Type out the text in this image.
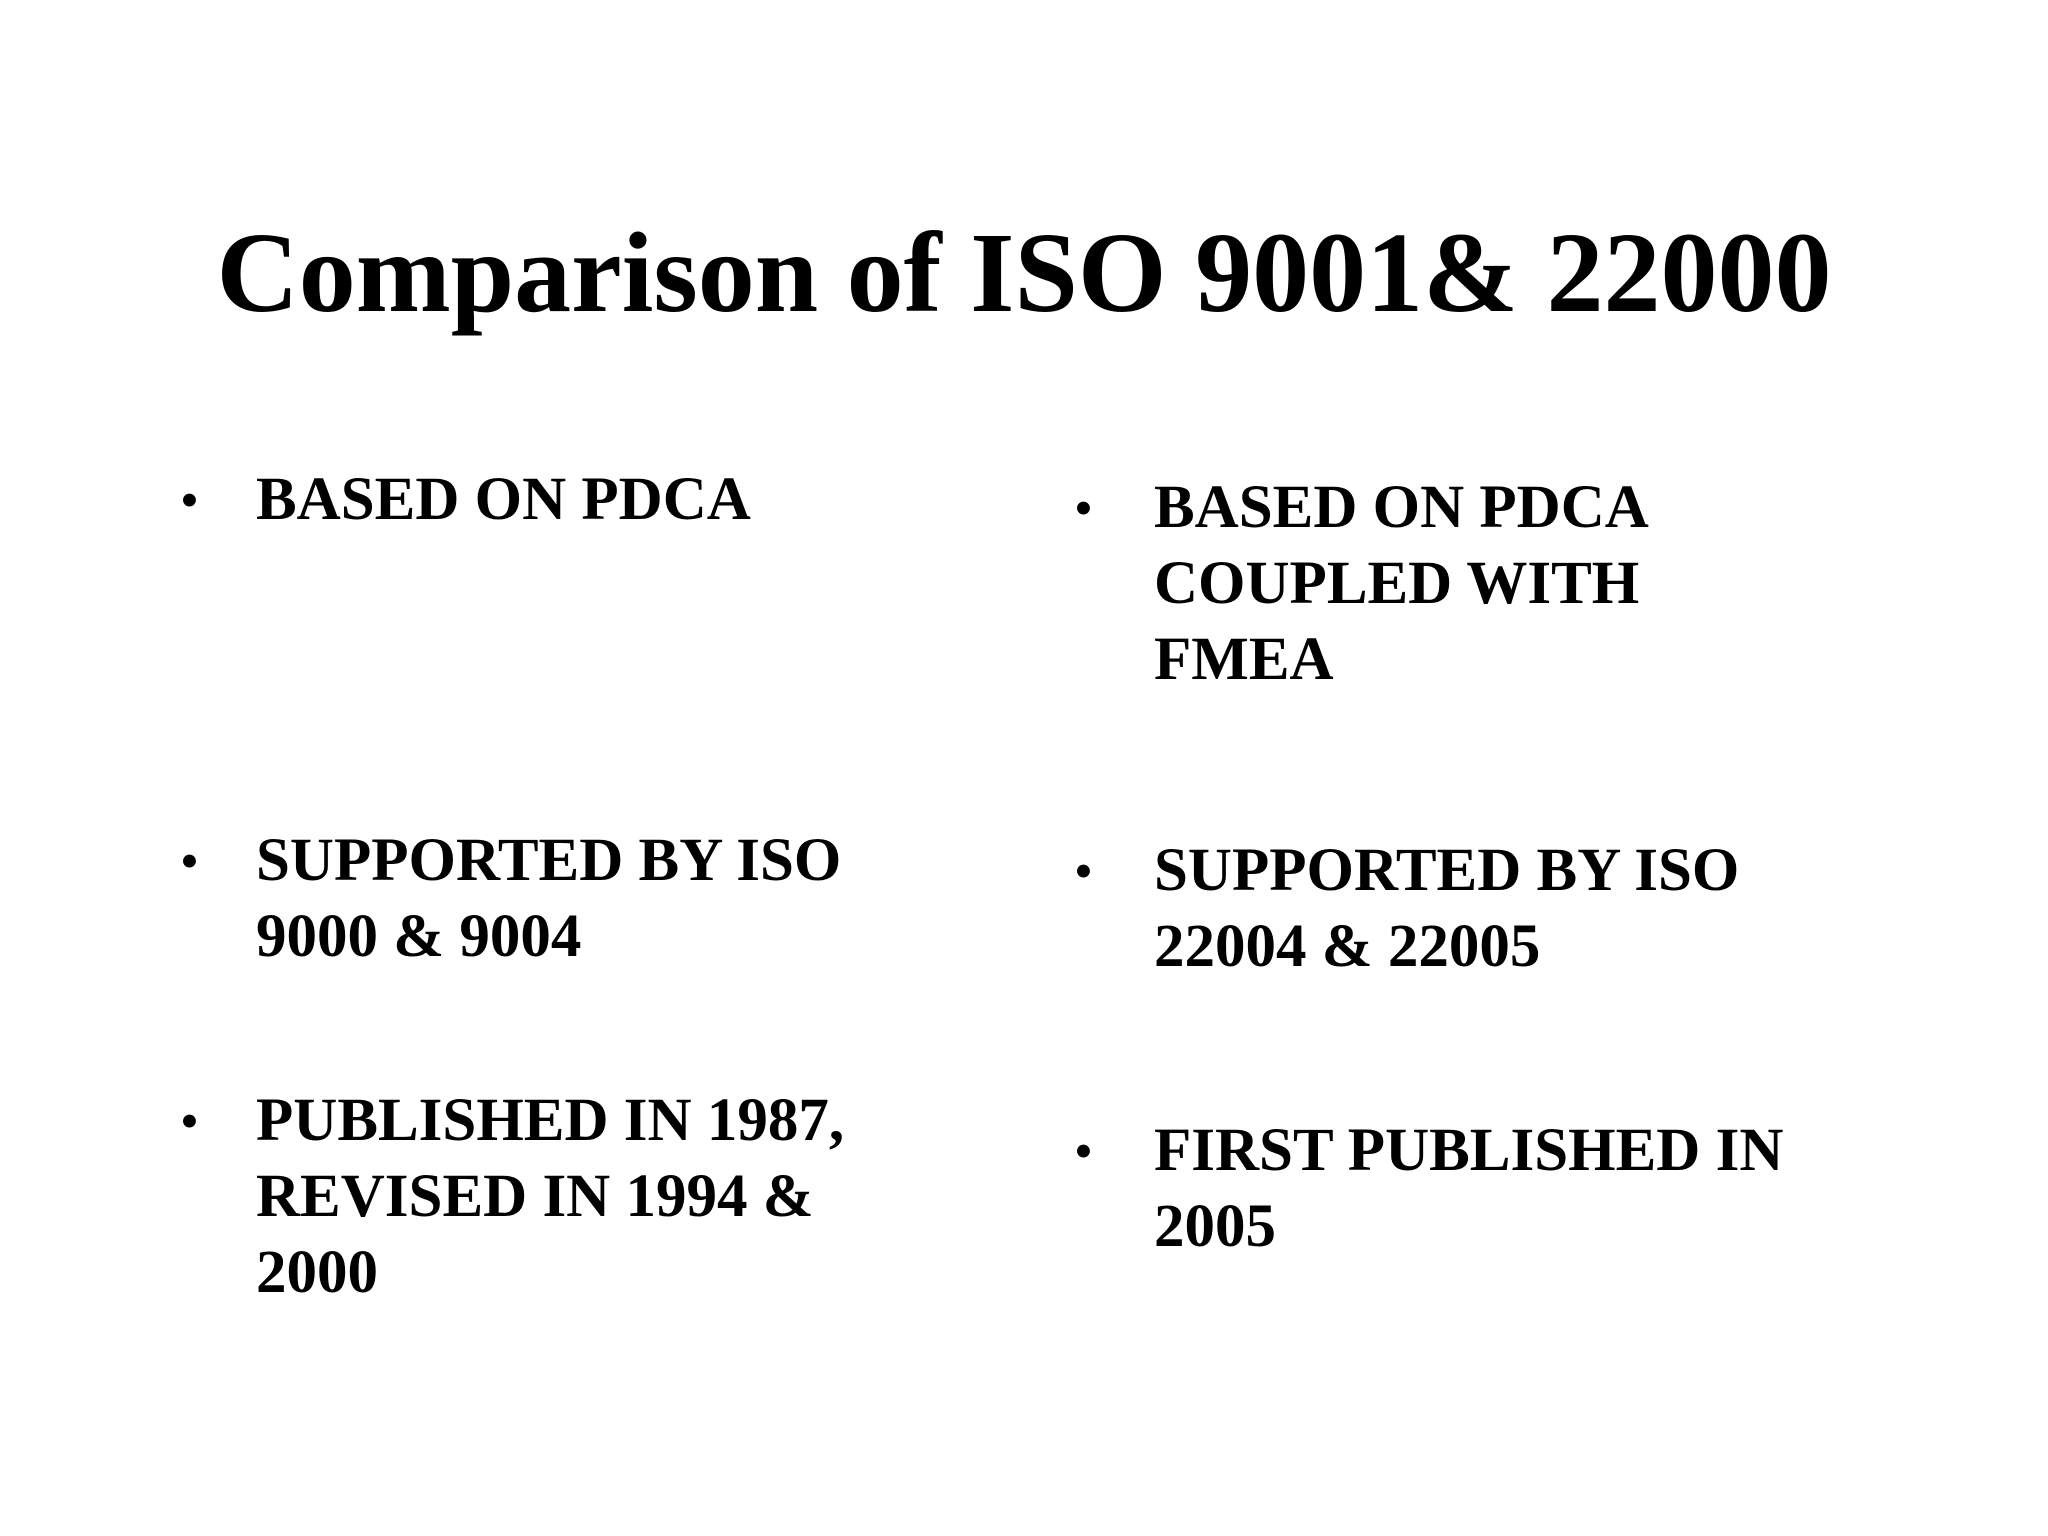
Comparison of ISO 9001& 22000
• BASED ON PDCA
• SUPPORTED BY ISO
9000 & 9004
• PUBLISHED IN 1987,
REVISED IN 1994 &
2000
• BASED ON PDCA
COUPLED WITH
FMEA
• SUPPORTED BY ISO
22004 & 22005
• FIRST PUBLISHED IN
2005
